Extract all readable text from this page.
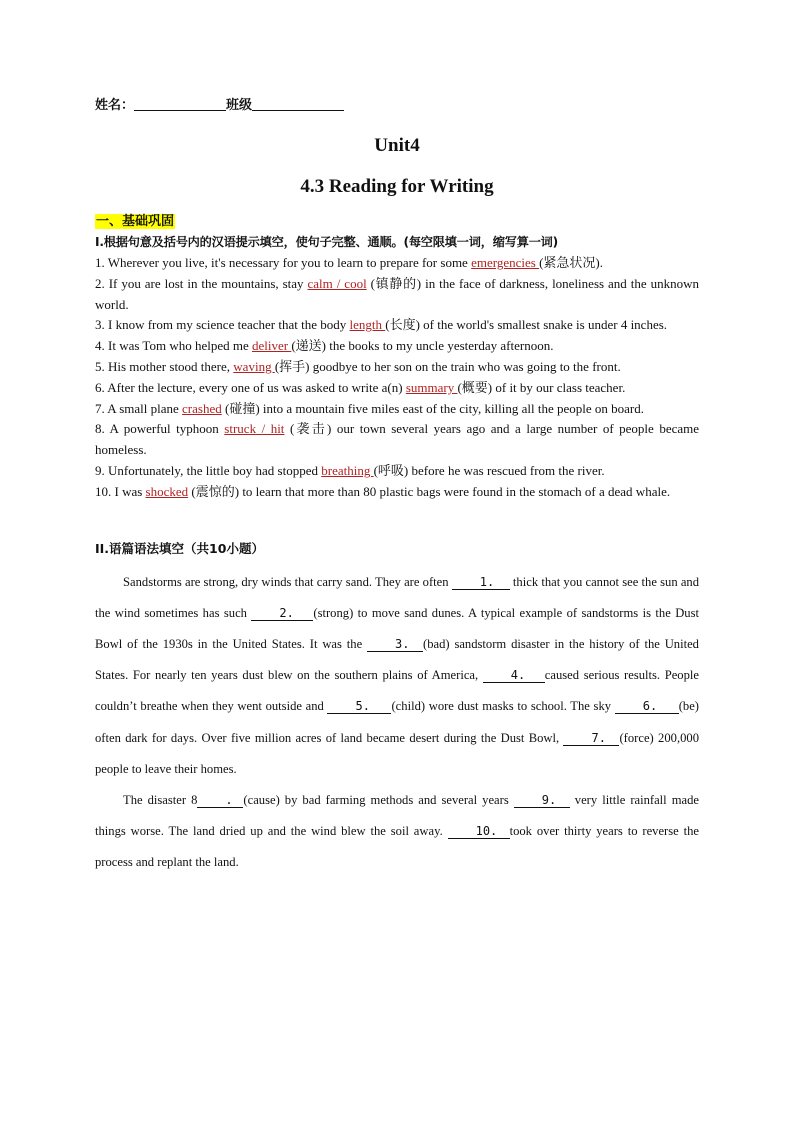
姓名：	班级
Unit4
4.3 Reading for Writing
一、基础巩固
I.根据句意及括号内的汉语提示填空，使句子完整、通顺。(每空限填一词，缩写算一词)
1. Wherever you live, it's necessary for you to learn to prepare for some emergencies (紧急状况).
2. If you are lost in the mountains, stay calm / cool (镇静的) in the face of darkness, loneliness and the unknown world.
3. I know from my science teacher that the body length (长度) of the world's smallest snake is under 4 inches.
4. It was Tom who helped me deliver (递送) the books to my uncle yesterday afternoon.
5. His mother stood there, waving (挥手) goodbye to her son on the train who was going to the front.
6. After the lecture, every one of us was asked to write a(n) summary (概要) of it by our class teacher.
7. A small plane crashed (碰撞) into a mountain five miles east of the city, killing all the people on board.
8. A powerful typhoon struck / hit (袭击) our town several years ago and a large number of people became homeless.
9. Unfortunately, the little boy had stopped breathing (呼吸) before he was rescued from the river.
10. I was shocked (震惊的) to learn that more than 80 plastic bags were found in the stomach of a dead whale.
II.语篇语法填空（共10小题）
Sandstorms are strong, dry winds that carry sand. They are often 1. thick that you cannot see the sun and the wind sometimes has such 2. (strong) to move sand dunes. A typical example of sandstorms is the Dust Bowl of the 1930s in the United States. It was the 3. (bad) sandstorm disaster in the history of the United States. For nearly ten years dust blew on the southern plains of America, 4. caused serious results. People couldn’t breathe when they went outside and 5. (child) wore dust masks to school. The sky 6. (be) often dark for days. Over five million acres of land became desert during the Dust Bowl, 7. (force) 200,000 people to leave their homes.
The disaster 8 . (cause) by bad farming methods and several years 9. very little rainfall made things worse. The land dried up and the wind blew the soil away. 10. took over thirty years to reverse the process and replant the land.
